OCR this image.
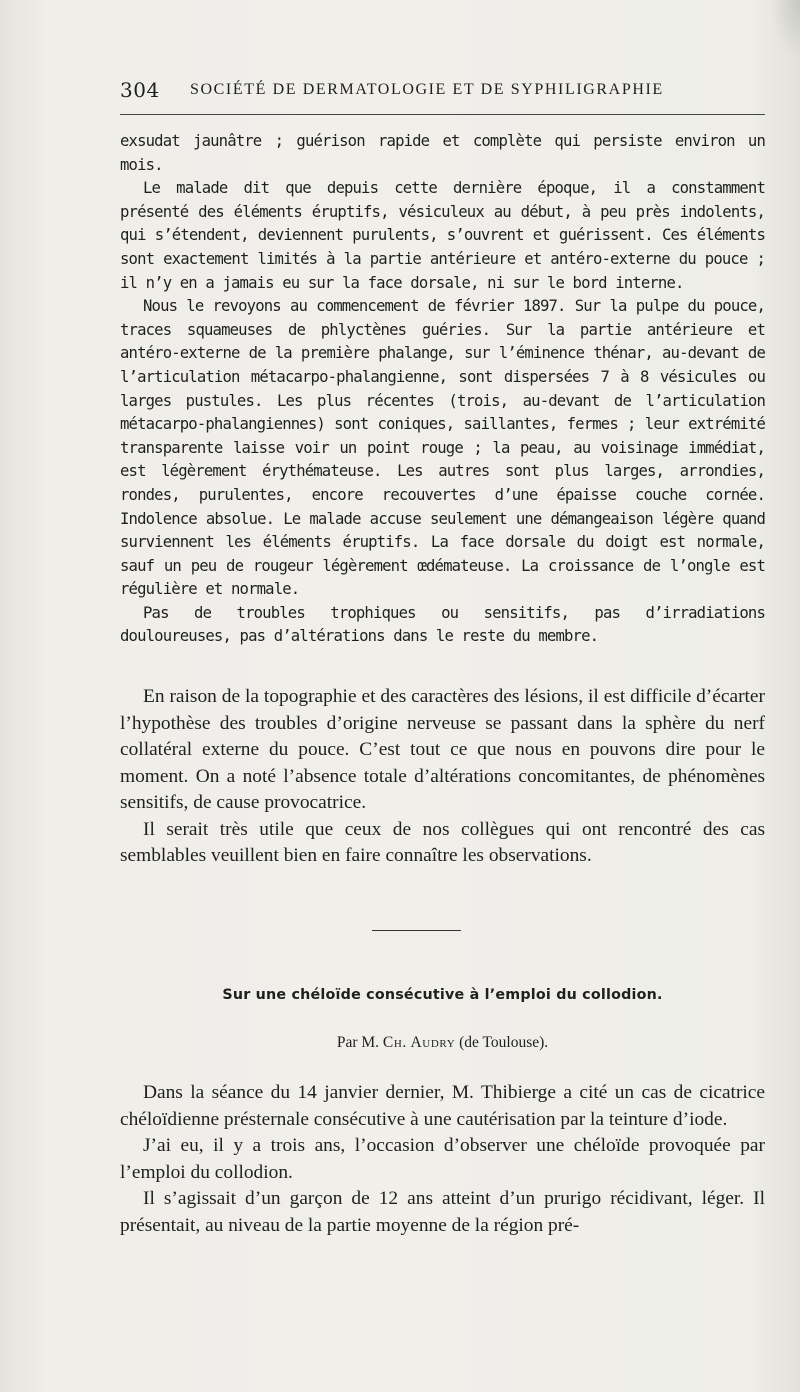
304 SOCIÉTÉ DE DERMATOLOGIE ET DE SYPHILIGRAPHIE

exsudat jaunâtre ; guérison rapide et complète qui persiste environ un mois.

Le malade dit que depuis cette dernière époque, il a constamment présenté des éléments éruptifs, vésiculeux au début, à peu près indolents, qui s’étendent, deviennent purulents, s’ouvrent et guérissent. Ces éléments sont exactement limités à la partie antérieure et antéro-externe du pouce ; il n’y en a jamais eu sur la face dorsale, ni sur le bord interne.

Nous le revoyons au commencement de février 1897. Sur la pulpe du pouce, traces squameuses de phlyctènes guéries. Sur la partie antérieure et antéro-externe de la première phalange, sur l’éminence thénar, au-devant de l’articulation métacarpo-phalangienne, sont dispersées 7 à 8 vésicules ou larges pustules. Les plus récentes (trois, au-devant de l’articulation métacarpo-phalangiennes) sont coniques, saillantes, fermes ; leur extrémité transparente laisse voir un point rouge ; la peau, au voisinage immédiat, est légèrement érythémateuse. Les autres sont plus larges, arrondies, rondes, purulentes, encore recouvertes d’une épaisse couche cornée. Indolence absolue. Le malade accuse seulement une démangeaison légère quand surviennent les éléments éruptifs. La face dorsale du doigt est normale, sauf un peu de rougeur légèrement œdémateuse. La croissance de l’ongle est régulière et normale.

Pas de troubles trophiques ou sensitifs, pas d’irradiations douloureuses, pas d’altérations dans le reste du membre.

En raison de la topographie et des caractères des lésions, il est difficile d’écarter l’hypothèse des troubles d’origine nerveuse se passant dans la sphère du nerf collatéral externe du pouce. C’est tout ce que nous en pouvons dire pour le moment. On a noté l’absence totale d’altérations concomitantes, de phénomènes sensitifs, de cause provocatrice.

Il serait très utile que ceux de nos collègues qui ont rencontré des cas semblables veuillent bien en faire connaître les observations.

Sur une chéloïde consécutive à l’emploi du collodion.
Par M. Ch. Audry (de Toulouse).

Dans la séance du 14 janvier dernier, M. Thibierge a cité un cas de cicatrice chéloïdienne présternale consécutive à une cautérisation par la teinture d’iode.

J’ai eu, il y a trois ans, l’occasion d’observer une chéloïde provoquée par l’emploi du collodion.

Il s’agissait d’un garçon de 12 ans atteint d’un prurigo récidivant, léger. Il présentait, au niveau de la partie moyenne de la région pré-
